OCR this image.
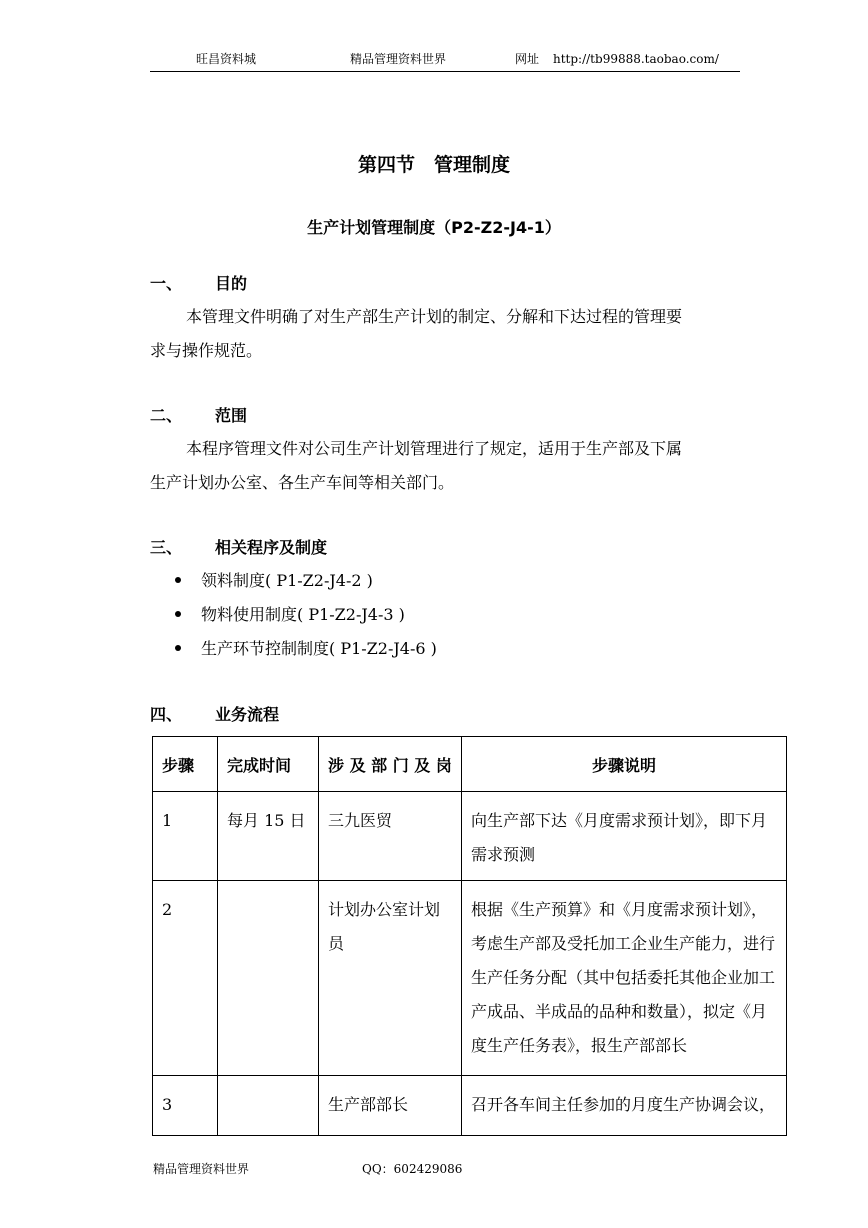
旺昌资料城	精品管理资料世界	网址 http://tb99888.taobao.com/
第四节　管理制度
生产计划管理制度（P2-Z2-J4-1）
一、 目的
本管理文件明确了对生产部生产计划的制定、分解和下达过程的管理要
求与操作规范。
二、 范围
本程序管理文件对公司生产计划管理进行了规定，适用于生产部及下属
生产计划办公室、各生产车间等相关部门。
三、 相关程序及制度
领料制度( P1-Z2-J4-2 )
物料使用制度( P1-Z2-J4-3 )
生产环节控制制度( P1-Z2-J4-6 )
四、 业务流程
步骤	完成时间	涉 及 部 门 及 岗	步骤说明
1	每月 15 日	三九医贸	向生产部下达《月度需求预计划》，即下月
需求预测

2		计划办公室计划
员	根据《生产预算》和《月度需求预计划》，
考虑生产部及受托加工企业生产能力，进行
生产任务分配（其中包括委托其他企业加工
产成品、半成品的品种和数量），拟定《月
度生产任务表》，报生产部部长

3		生产部部长	召开各车间主任参加的月度生产协调会议，
精品管理资料世界	QQ：602429086
